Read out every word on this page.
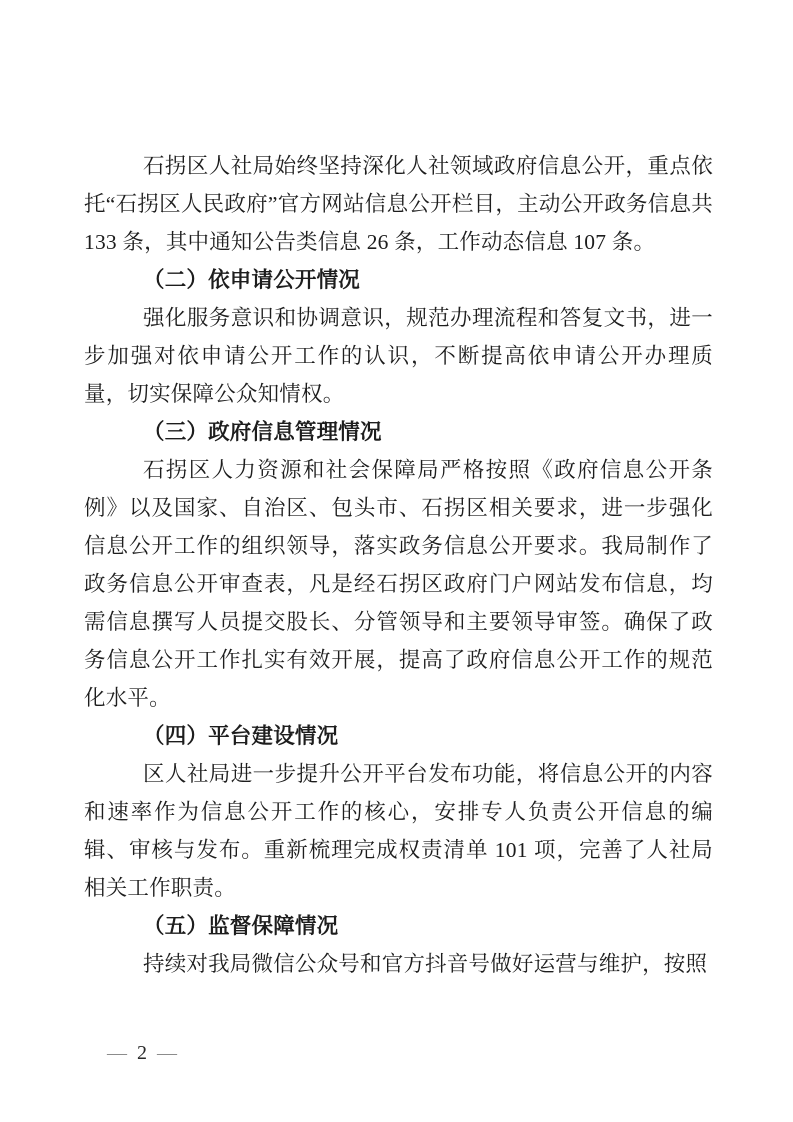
石拐区人社局始终坚持深化人社领域政府信息公开，重点依托“石拐区人民政府”官方网站信息公开栏目，主动公开政务信息共 133 条，其中通知公告类信息 26 条，工作动态信息 107 条。

（二）依申请公开情况

强化服务意识和协调意识，规范办理流程和答复文书，进一步加强对依申请公开工作的认识，不断提高依申请公开办理质量，切实保障公众知情权。

（三）政府信息管理情况

石拐区人力资源和社会保障局严格按照《政府信息公开条例》以及国家、自治区、包头市、石拐区相关要求，进一步强化信息公开工作的组织领导，落实政务信息公开要求。我局制作了政务信息公开审查表，凡是经石拐区政府门户网站发布信息，均需信息撰写人员提交股长、分管领导和主要领导审签。确保了政务信息公开工作扎实有效开展，提高了政府信息公开工作的规范化水平。

（四）平台建设情况

区人社局进一步提升公开平台发布功能，将信息公开的内容和速率作为信息公开工作的核心，安排专人负责公开信息的编辑、审核与发布。重新梳理完成权责清单 101 项，完善了人社局相关工作职责。

（五）监督保障情况

持续对我局微信公众号和官方抖音号做好运营与维护，按照

— 2 —
